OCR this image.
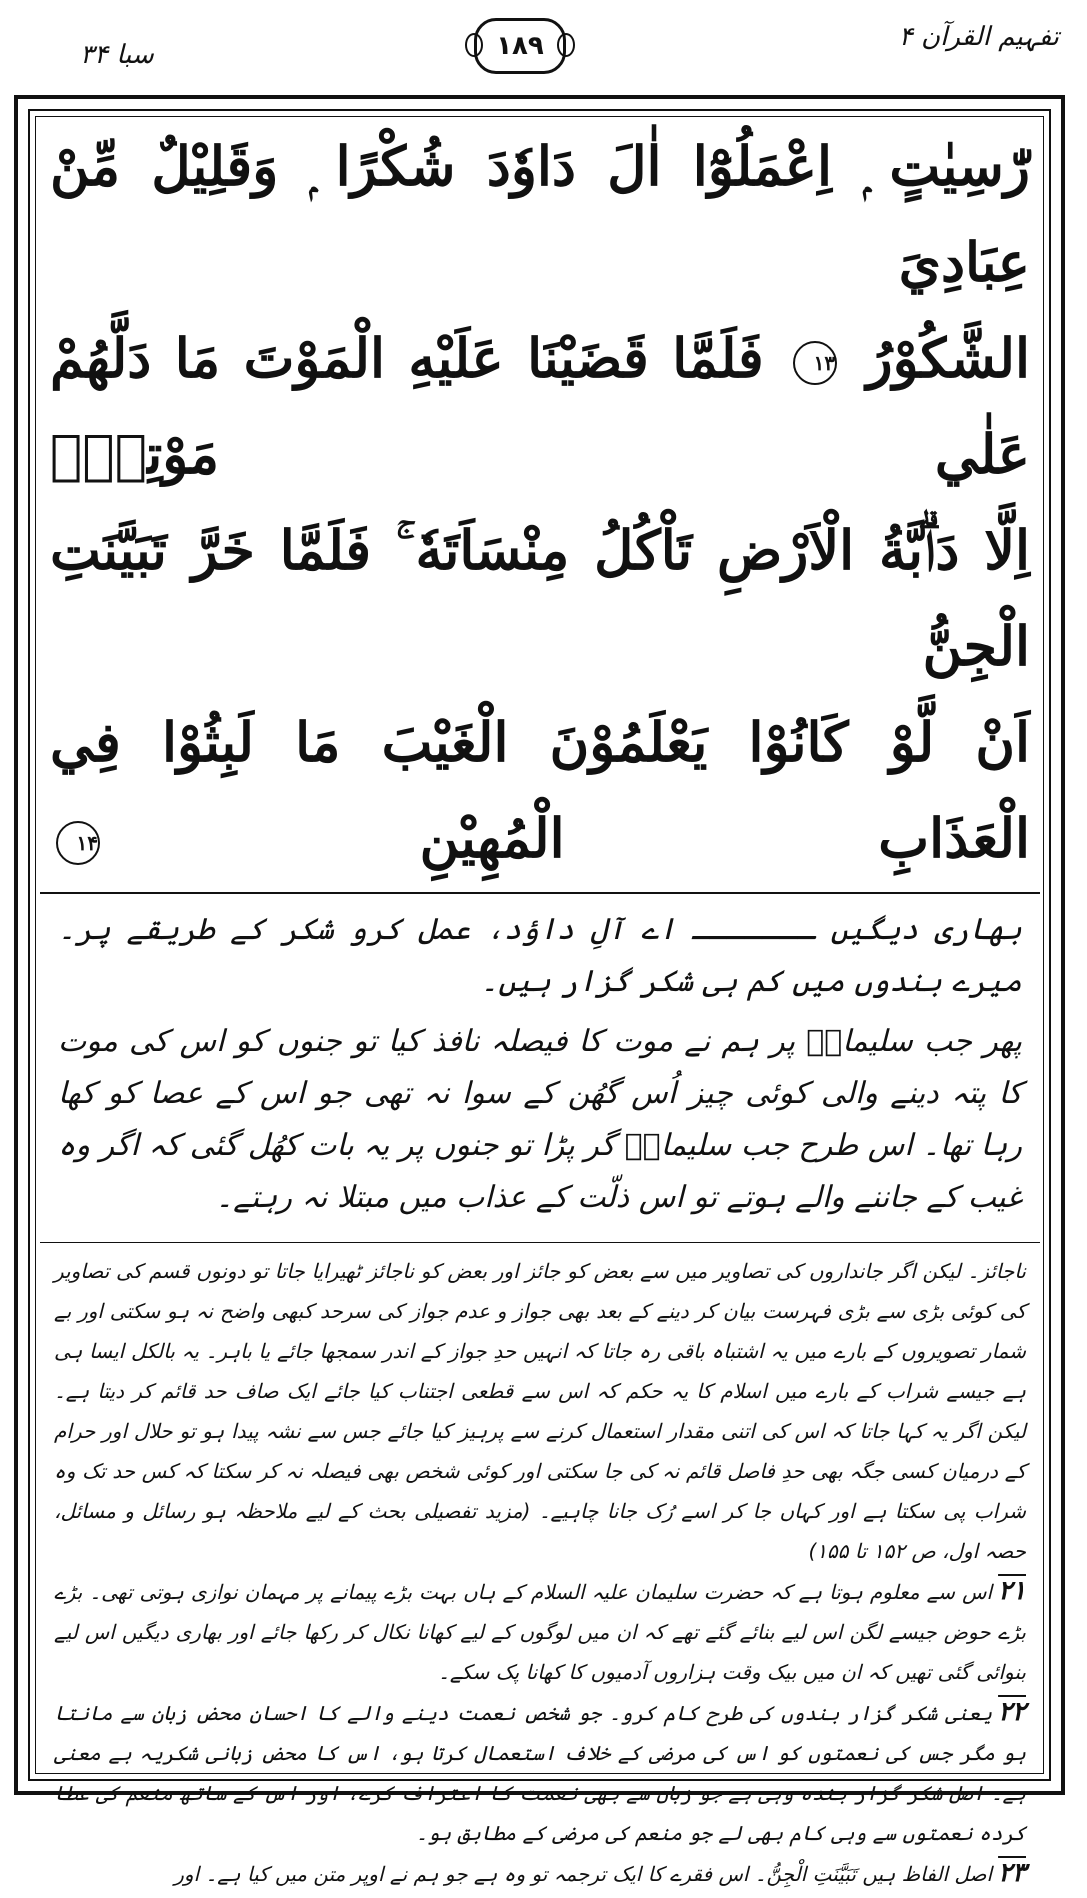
تفہیم القرآن ۴
۱۸۹
سبا ۳۴
رّٰسِيٰتٍ ۭ اِعْمَلُوْٓا اٰلَ دَاوٗدَ شُكْرًا ۭ وَقَلِيْلٌ مِّنْ عِبَادِيَ
الشَّكُوْرُ ۱۳ فَلَمَّا قَضَيْنَا عَلَيْهِ الْمَوْتَ مَا دَلَّهُمْ عَلٰي مَوْتِهٖٓ
اِلَّا دَاۗبَّةُ الْاَرْضِ تَاْكُلُ مِنْسَاَتَهٗ ۚ فَلَمَّا خَرَّ تَبَيَّنَتِ الْجِنُّ
اَنْ لَّوْ كَانُوْا يَعْلَمُوْنَ الْغَيْبَ مَا لَبِثُوْا فِي الْعَذَابِ الْمُهِيْنِ ۱۴

بھاری دیگیں ـــــــ اے آلِ داؤد، عمل کرو شکر کے طریقے پر۔ میرے بندوں میں کم ہی شکر گزار ہیں۔

پھر جب سلیمانؑ پر ہم نے موت کا فیصلہ نافذ کیا تو جنوں کو اس کی موت کا پتہ دینے والی کوئی چیز اُس گھُن کے سوا نہ تھی جو اس کے عصا کو کھا رہا تھا۔ اس طرح جب سلیمانؑ گر پڑا تو جنوں پر یہ بات کھُل گئی کہ اگر وہ غیب کے جاننے والے ہوتے تو اس ذلّت کے عذاب میں مبتلا نہ رہتے۔

ناجائز۔ لیکن اگر جانداروں کی تصاویر میں سے بعض کو جائز اور بعض کو ناجائز ٹھیرایا جاتا تو دونوں قسم کی تصاویر کی کوئی بڑی سے بڑی فہرست بیان کر دینے کے بعد بھی جواز و عدم جواز کی سرحد کبھی واضح نہ ہو سکتی اور بے شمار تصویروں کے بارے میں یہ اشتباہ باقی رہ جاتا کہ انہیں حدِ جواز کے اندر سمجھا جائے یا باہر۔ یہ بالکل ایسا ہی ہے جیسے شراب کے بارے میں اسلام کا یہ حکم کہ اس سے قطعی اجتناب کیا جائے ایک صاف حد قائم کر دیتا ہے۔ لیکن اگر یہ کہا جاتا کہ اس کی اتنی مقدار استعمال کرنے سے پرہیز کیا جائے جس سے نشہ پیدا ہو تو حلال اور حرام کے درمیان کسی جگہ بھی حدِ فاصل قائم نہ کی جا سکتی اور کوئی شخص بھی فیصلہ نہ کر سکتا کہ کس حد تک وہ شراب پی سکتا ہے اور کہاں جا کر اسے رُک جانا چاہیے۔ (مزید تفصیلی بحث کے لیے ملاحظہ ہو رسائل و مسائل، حصہ اول، ص ۱۵۲ تا ۱۵۵)

۲۱اس سے معلوم ہوتا ہے کہ حضرت سلیمان علیہ السلام کے ہاں بہت بڑے پیمانے پر مہمان نوازی ہوتی تھی۔ بڑے بڑے حوض جیسے لگن اس لیے بنائے گئے تھے کہ ان میں لوگوں کے لیے کھانا نکال کر رکھا جائے اور بھاری دیگیں اس لیے بنوائی گئی تھیں کہ ان میں بیک وقت ہزاروں آدمیوں کا کھانا پک سکے۔

۲۲یعنی شکر گزار بندوں کی طرح کام کرو۔ جو شخص نعمت دینے والے کا احسان محض زبان سے مانتا ہو مگر جس کی نعمتوں کو اس کی مرضی کے خلاف استعمال کرتا ہو، اس کا محض زبانی شکریہ بے معنی ہے۔ اصل شکر گزار بندہ وہی ہے جو زبان سے بھی نعمت کا اعتراف کرے، اور اس کے ساتھ منعم کی عطا کردہ نعمتوں سے وہی کام بھی لے جو منعم کی مرضی کے مطابق ہو۔

۲۳اصل الفاظ ہیں تَبَيَّنَتِ الْجِنُّ۔ اس فقرے کا ایک ترجمہ تو وہ ہے جو ہم نے اوپر متن میں کیا ہے۔ اور
